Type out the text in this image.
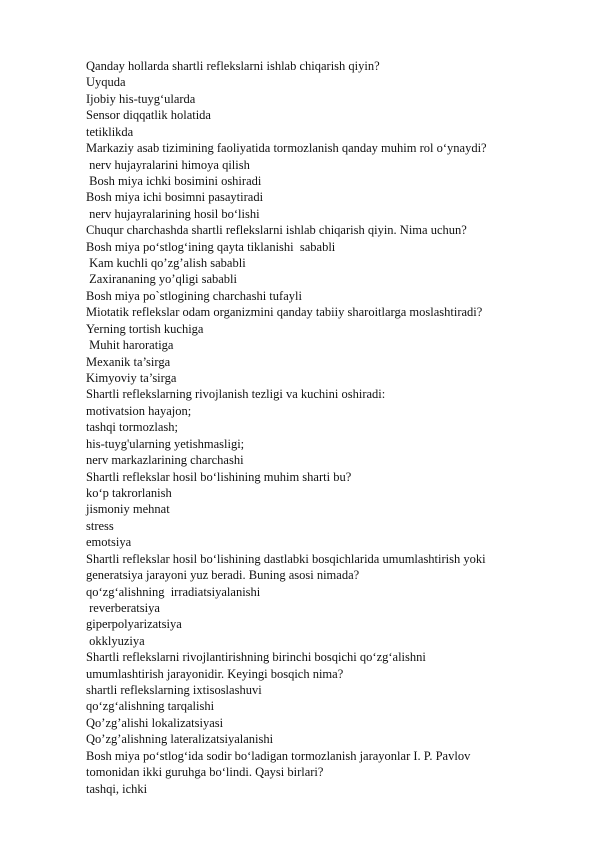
Qanday hollarda shartli reflekslarni ishlab chiqarish qiyin?

Uyquda

Ijobiy his-tuyg‘ularda

Sensor diqqatlik holatida

tetiklikda

Markaziy asab tizimining faoliyatida tormozlanish qanday muhim rol o‘ynaydi?

nerv hujayralarini himoya qilish

Bosh miya ichki bosimini oshiradi

Bosh miya ichi bosimni pasaytiradi

nerv hujayralarining hosil bo‘lishi

Chuqur charchashda shartli reflekslarni ishlab chiqarish qiyin. Nima uchun?

Bosh miya po‘stlog‘ining qayta tiklanishi  sababli

Kam kuchli qo’zg’alish sababli

Zaxirananing yo’qligi sababli

Bosh miya po`stlogining charchashi tufayli

Miotatik reflekslar odam organizmini qanday tabiiy sharoitlarga moslashtiradi?

Yerning tortish kuchiga

Muhit haroratiga

Mexanik ta’sirga

Kimyoviy ta’sirga

Shartli reflekslarning rivojlanish tezligi va kuchini oshiradi:

motivatsion hayajon;

tashqi tormozlash;

his-tuyg'ularning yetishmasligi;

nerv markazlarining charchashi

Shartli reflekslar hosil bo‘lishining muhim sharti bu?

ko‘p takrorlanish

jismoniy mehnat

stress

emotsiya

Shartli reflekslar hosil bo‘lishining dastlabki bosqichlarida umumlashtirish yoki

generatsiya jarayoni yuz beradi. Buning asosi nimada?

qo‘zg‘alishning  irradiatsiyalanishi

reverberatsiya

giperpolyarizatsiya

okklyuziya

Shartli reflekslarni rivojlantirishning birinchi bosqichi qo‘zg‘alishni

umumlashtirish jarayonidir. Keyingi bosqich nima?

shartli reflekslarning ixtisoslashuvi

qo‘zg‘alishning tarqalishi

Qo’zg’alishi lokalizatsiyasi

Qo’zg’alishning lateralizatsiyalanishi

Bosh miya po‘stlog‘ida sodir bo‘ladigan tormozlanish jarayonlar I. P. Pavlov

tomonidan ikki guruhga bo‘lindi. Qaysi birlari?

tashqi, ichki
